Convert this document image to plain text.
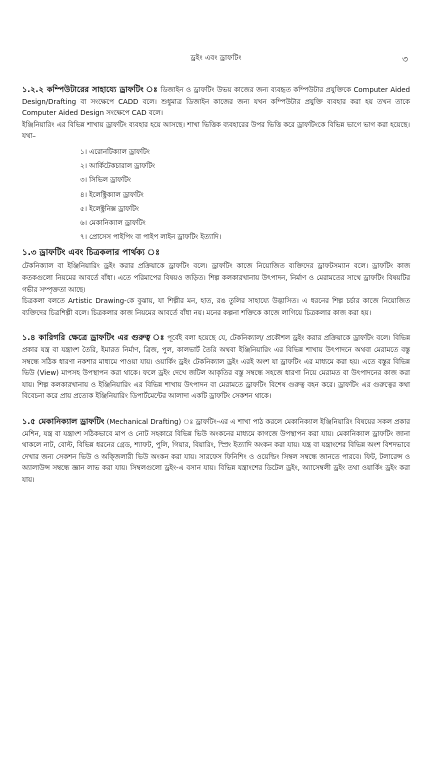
ড্রইং এবং ড্রাফটিং	৩

১.২.২ কম্পিউটারের সাহায্যে ড্রাফটিং ঃ ডিজাইন ও ড্রাফটিং উভয় কাজের জন্য ব্যবহৃত কম্পিউটার প্রযুক্তিকে Computer Aided Design/Drafting বা সংক্ষেপে CADD বলে। শুধুমাত্র ডিজাইন কাজের জন্য যখন কম্পিউটার প্রযুক্তি ব্যবহার করা হয় তখন তাকে Computer Aided Design সংক্ষেপে CAD বলে।

ইঞ্জিনিয়ারিং এর বিভিন্ন শাখায় ড্রাফটিং ব্যবহার হয়ে আসছে। শাখা ভিত্তিক ব্যবহারের উপর ভিত্তি করে ড্রাফটিংকে বিভিন্ন ভাগে ভাগ করা হয়েছে। যথা–

১। এরোনটিক্যাল ড্রাফটিং
২। আর্কিটেকচারাল ড্রাফটিং
৩। সিভিল ড্রাফটিং
৪। ইলেক্ট্রিক্যাল ড্রাফটিং
৫। ইলেক্ট্রনিক্স ড্রাফটিং
৬। মেকানিক্যাল ড্রাফটিং
৭। প্রোসেস পাইপিং বা পাইপ লাইন ড্রাফটিং ইত্যাদি।
১.৩ ড্রাফটিং এবং চিত্রকলার পার্থক্য ঃ

টেকনিক্যাল বা ইঞ্জিনিয়ারিং ড্রইং করার প্রক্রিয়াকে ড্রাফটিং বলে। ড্রাফটিং কাজে নিয়োজিত ব্যক্তিদের ড্রাফটসম্যান বলে। ড্রাফটিং কাজ কতকগুলো নিয়মের আবর্তে বাঁধা। এতে পরিমাপের বিষয়ও জড়িত। শিল্প কলকারখানায় উৎপাদন, নির্মাণ ও মেরামতের সাথে ড্রাফটিং বিষয়টির গভীর সম্পৃক্ততা আছে।

চিত্রকলা বলতে Artistic Drawing-কে বুঝায়, যা শিল্পীর মন, হাত, রঙ তুলির সাহায্যে উদ্ভাসিত। এ ধরনের শিল্প চর্চার কাজে নিয়োজিত ব্যক্তিদের চিত্রশিল্পী বলে। চিত্রকলার কাজ নিয়মের আবর্তে বাঁধা নয়। মনের কল্পনা শক্তিকে কাজে লাগিয়ে চিত্রকলার কাজ করা হয়।

১.৪ কারিগরি ক্ষেত্রে ড্রাফটিং এর গুরুত্ব ঃ পূর্বেই বলা হয়েছে যে, টেকনিক্যাল/ প্রকৌশল ড্রইং করার প্রক্রিয়াকে ড্রাফটিং বলে। বিভিন্ন প্রকার যন্ত্র বা যন্ত্রাংশ তৈরি, ইমারত নির্মাণ, ব্রিজ, পুল, কালভার্ট তৈরি অথবা ইঞ্জিনিয়ারিং এর বিভিন্ন শাখায় উৎপাদনে অথবা মেরামতে বস্তু সম্বন্ধে সঠিক ধারণা নকশার মাধ্যমে পাওয়া যায়। ওয়ার্কিং ড্রইং টেকনিক্যাল ড্রইং এরই অংশ যা ড্রাফটিং এর মাধ্যমে করা হয়। এতে বস্তুর বিভিন্ন ভিউ (View) মাপসহ উপস্থাপন করা থাকে। ফলে ড্রইং দেখে জটিল আকৃতির বস্তু সম্বন্ধে সহজে ধারণা নিয়ে মেরামত বা উৎপাদনের কাজ করা যায়। শিল্প কলকারখানায় ও ইঞ্জিনিয়ারিং এর বিভিন্ন শাখায় উৎপাদন বা মেরামতে ড্রাফটিং বিশেষ গুরুত্ব বহন করে। ড্রাফটিং এর গুরুত্বের কথা বিবেচনা করে প্রায় প্রত্যেক ইঞ্জিনিয়ারিং ডিপার্টমেন্টের আলাদা একটি ড্রাফটিং সেকশন থাকে।

১.৫ মেকানিক্যাল ড্রাফটিং (Mechanical Drafting) ঃ ড্রাফটিং-এর এ শাখা পাঠ করলে মেকানিক্যাল ইঞ্জিনিয়ারিং বিষয়ের সকল প্রকার মেশিন, যন্ত্র বা যন্ত্রাংশ সঠিকভাবে মাপ ও নোট সহকারে বিভিন্ন ভিউ অংকনের মাধ্যমে কাগজে উপস্থাপন করা যায়। মেকানিক্যাল ড্রাফটিং জানা থাকলে নাট, বোল্ট, বিভিন্ন ধরনের গ্রেড, শ্যাফট, পুলি, গিয়ার, বিয়ারিং, স্প্রিং ইত্যাদি অংকন করা যায়। যন্ত্র বা যন্ত্রাংশের বিভিন্ন অংশ বিশদভাবে দেখার জন্য সেকশন ভিউ ও অক্জিলারী ভিউ অংকন করা যায়। সারফেস ফিনিশিং ও ওয়েল্ডিং সিম্বল সম্বন্ধে জানতে পারবে। ফিট, টলারেন্স ও অ্যালাউন্স সম্বন্ধে জ্ঞান লাভ করা যায়। সিম্বলগুলো ড্রইং-এ বসান যায়। বিভিন্ন যন্ত্রাংশের ডিটেল ড্রইং, অ্যাসেম্বলী ড্রইং তথা ওয়ার্কিং ড্রইং করা যায়।
